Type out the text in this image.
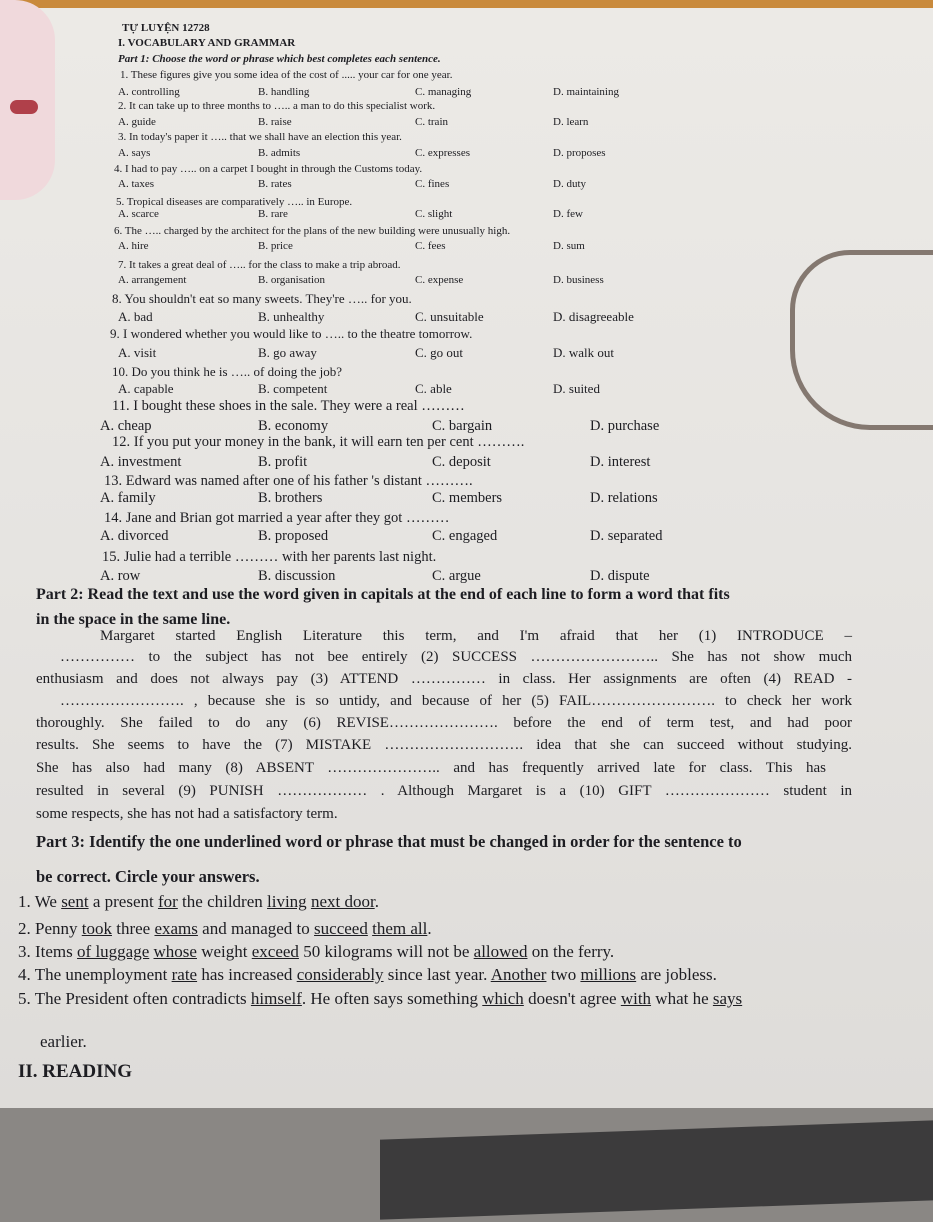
TỰ LUYỆN 12728
I. VOCABULARY AND GRAMMAR
Part 1: Choose the word or phrase which best completes each sentence.
1. These figures give you some idea of the cost of ..... your car for one year.
A. controlling	B. handling	C. managing	D. maintaining
2. It can take up to three months to ….. a man to do this specialist work.
A. guide	B. raise	C. train	D. learn
3. In today's paper it ….. that we shall have an election this year.
A. says	B. admits	C. expresses	D. proposes
4. I had to pay ….. on a carpet I bought in through the Customs today.
A. taxes	B. rates	C. fines	D. duty
5. Tropical diseases are comparatively ….. in Europe.
A. scarce	B. rare	C. slight	D. few
6. The ….. charged by the architect for the plans of the new building were unusually high.
A. hire	B. price	C. fees	D. sum
7. It takes a great deal of ….. for the class to make a trip abroad.
A. arrangement	B. organisation	C. expense	D. business
8. You shouldn't eat so many sweets. They're ….. for you.
A. bad	B. unhealthy	C. unsuitable	D. disagreeable
9. I wondered whether you would like to ….. to the theatre tomorrow.
A. visit	B. go away	C. go out	D. walk out
10. Do you think he is ….. of doing the job?
A. capable	B. competent	C. able	D. suited
11. I bought these shoes in the sale. They were a real ………
A. cheap	B. economy	C. bargain	D. purchase
12. If you put your money in the bank, it will earn ten per cent ……….
A. investment	B. profit	C. deposit	D. interest
13. Edward was named after one of his father 's distant ……….
A. family	B. brothers	C. members	D. relations
14. Jane and Brian got married a year after they got ………
A. divorced	B. proposed	C. engaged	D. separated
15. Julie had a terrible ……… with her parents last night.
A. row	B. discussion	C. argue	D. dispute
Part 2: Read the text and use the word given in capitals at the end of each line to form a word that fits
in the space in the same line.
Margaret started English Literature this term, and I'm afraid that her (1) INTRODUCE –
…………… to the subject has not bee entirely (2) SUCCESS …………………….. She has not show much
enthusiasm and does not always pay (3) ATTEND …………… in class. Her assignments are often (4) READ -
……………………. , because she is so untidy, and because of her (5) FAIL……………………. to check her work
thoroughly. She failed to do any (6) REVISE…………………. before the end of term test, and had poor
results. She seems to have the (7) MISTAKE ………………………. idea that she can succeed without studying.
She has also had many (8) ABSENT ………………….. and has frequently arrived late for class. This has
resulted in several (9) PUNISH ……………… . Although Margaret is a (10) GIFT ………………… student in
some respects, she has not had a satisfactory term.
Part 3: Identify the one underlined word or phrase that must be changed in order for the sentence to
be correct. Circle your answers.
1. We sent a present for the children living next door.
2. Penny took three exams and managed to succeed them all.
3. Items of luggage whose weight exceed 50 kilograms will not be allowed on the ferry.
4. The unemployment rate has increased considerably since last year. Another two millions are jobless.
5. The President often contradicts himself. He often says something which doesn't agree with what he says
earlier.
II. READING
